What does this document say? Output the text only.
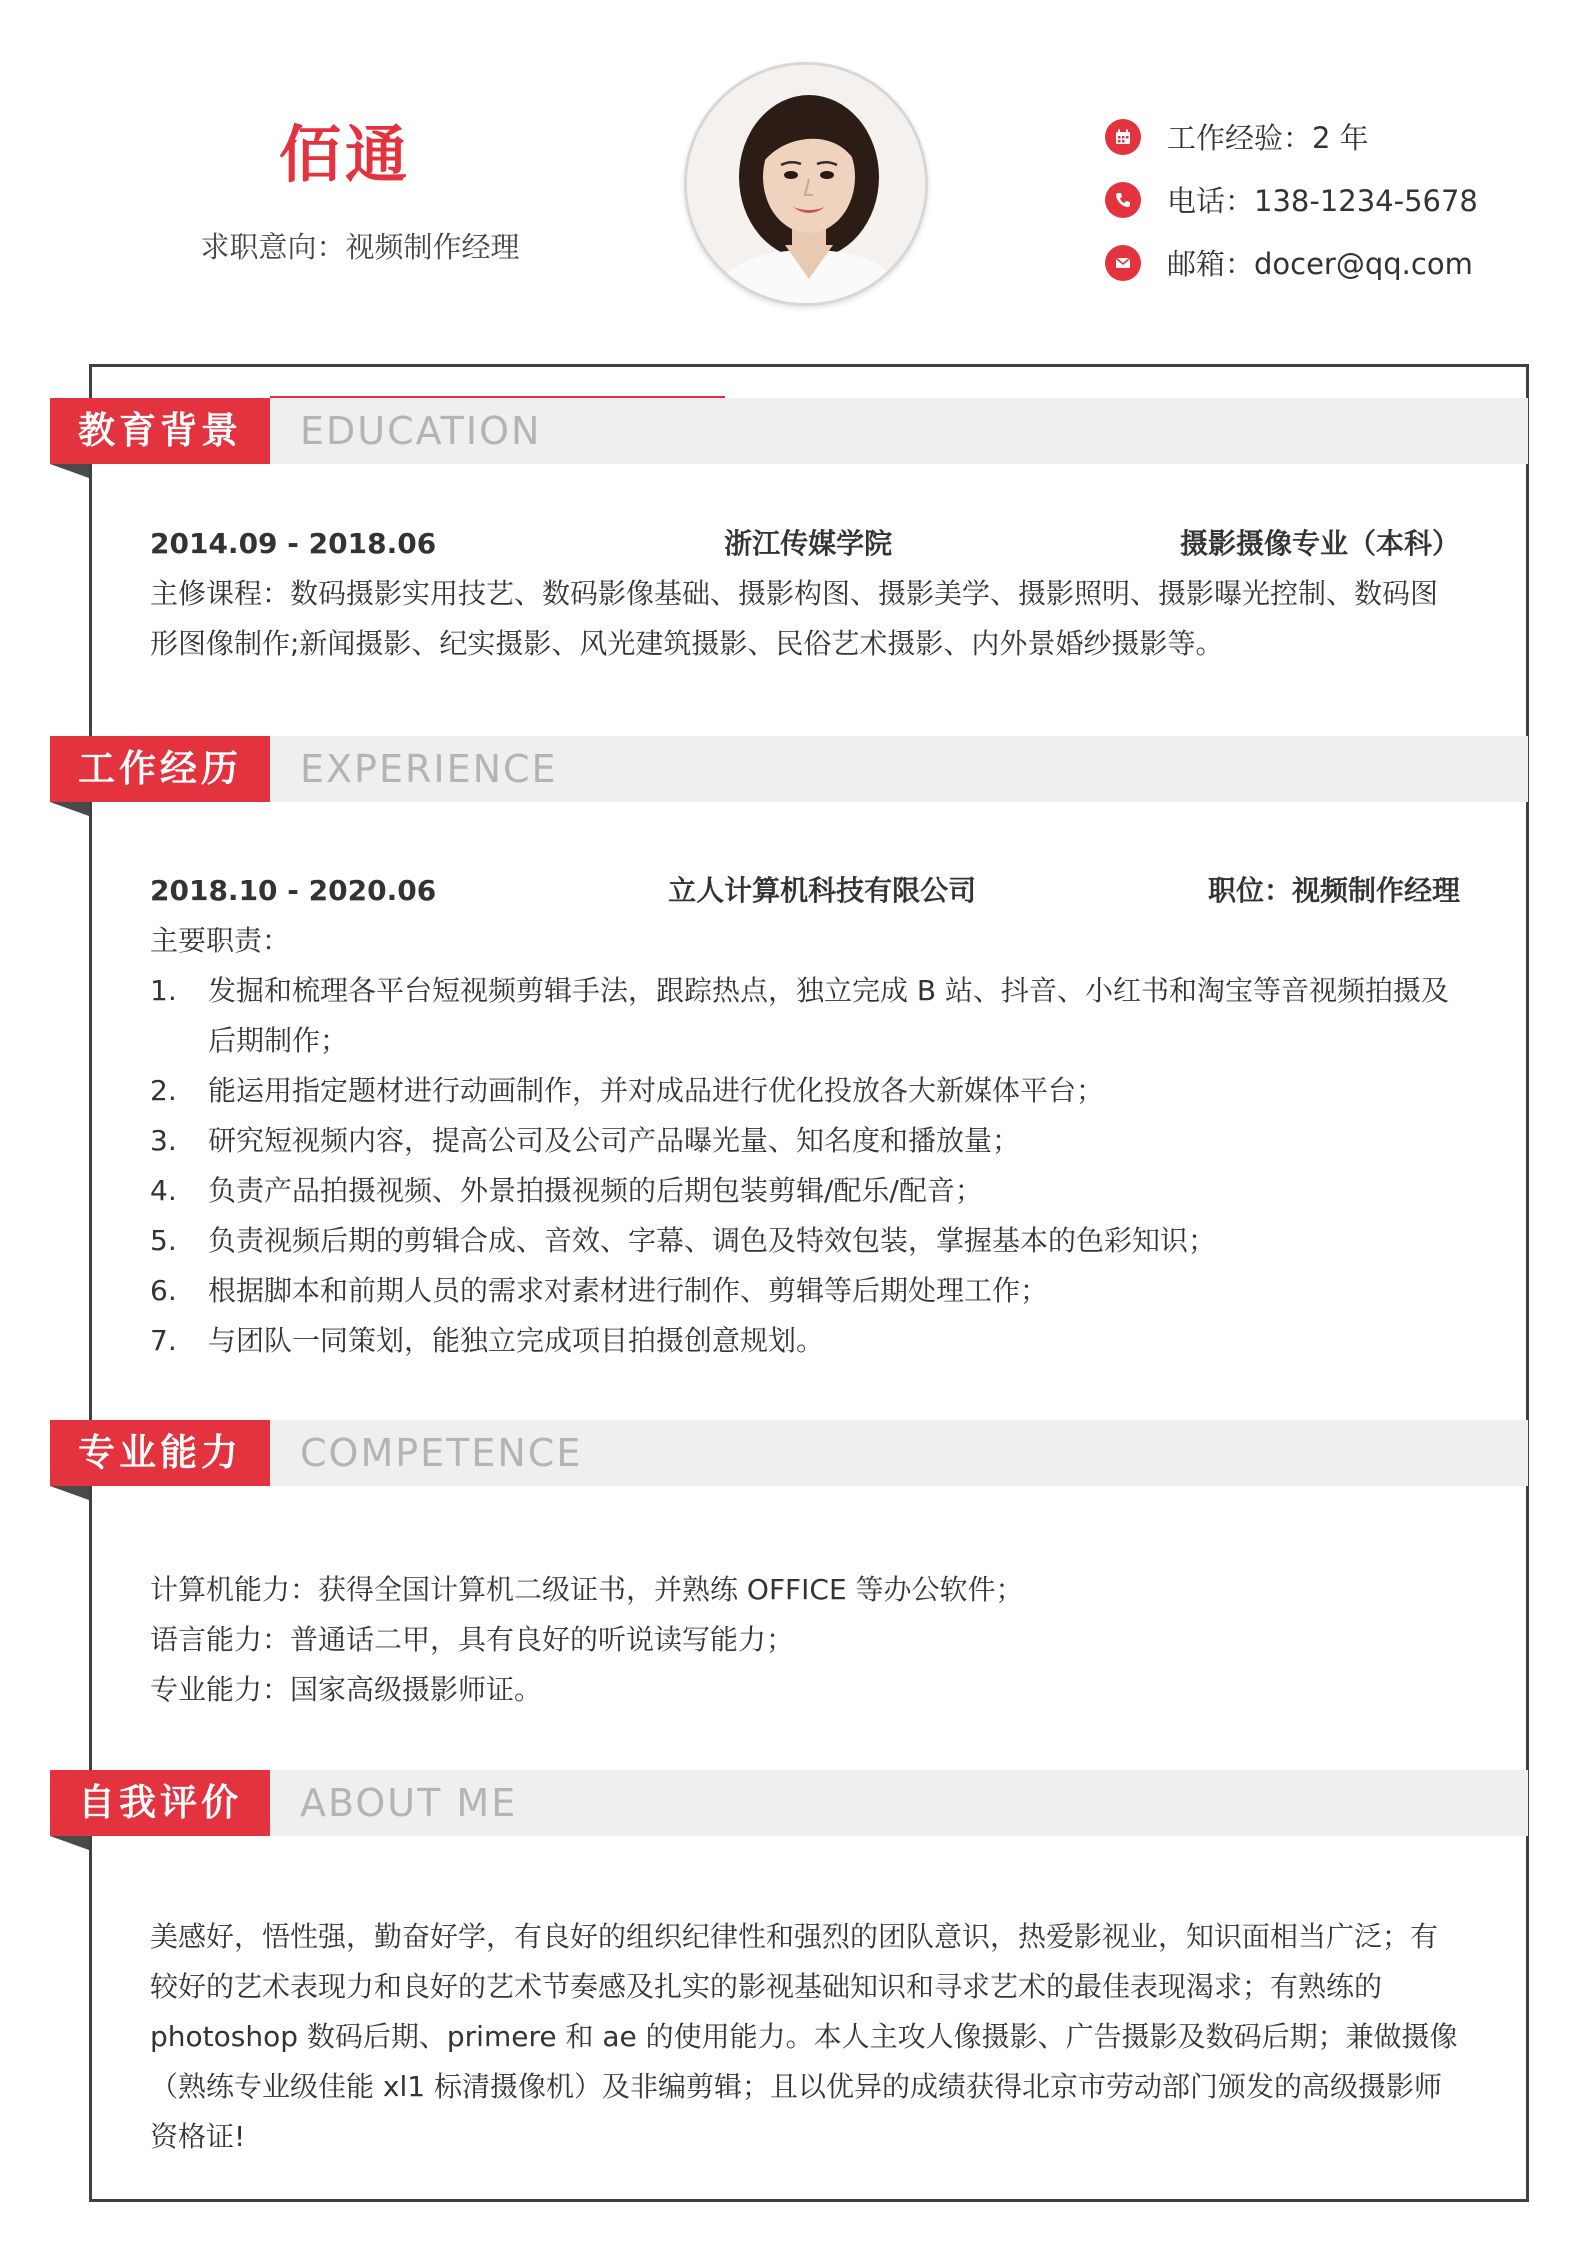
佰通
求职意向：视频制作经理
工作经验：2 年
电话：138-1234-5678
邮箱：docer@qq.com
教育背景	EDUCATION
2014.09 - 2018.06	浙江传媒学院	摄影摄像专业（本科）
主修课程：数码摄影实用技艺、数码影像基础、摄影构图、摄影美学、摄影照明、摄影曝光控制、数码图形图像制作;新闻摄影、纪实摄影、风光建筑摄影、民俗艺术摄影、内外景婚纱摄影等。
工作经历	EXPERIENCE
2018.10 - 2020.06	立人计算机科技有限公司	职位：视频制作经理
主要职责：
1.	发掘和梳理各平台短视频剪辑手法，跟踪热点，独立完成 B 站、抖音、小红书和淘宝等音视频拍摄及后期制作；
2.	能运用指定题材进行动画制作，并对成品进行优化投放各大新媒体平台；
3.	研究短视频内容，提高公司及公司产品曝光量、知名度和播放量；
4.	负责产品拍摄视频、外景拍摄视频的后期包装剪辑/配乐/配音；
5.	负责视频后期的剪辑合成、音效、字幕、调色及特效包装，掌握基本的色彩知识；
6.	根据脚本和前期人员的需求对素材进行制作、剪辑等后期处理工作；
7.	与团队一同策划，能独立完成项目拍摄创意规划。
专业能力	COMPETENCE
计算机能力：获得全国计算机二级证书，并熟练 OFFICE 等办公软件；
语言能力：普通话二甲，具有良好的听说读写能力；
专业能力：国家高级摄影师证。
自我评价	ABOUT ME
美感好，悟性强，勤奋好学，有良好的组织纪律性和强烈的团队意识，热爱影视业，知识面相当广泛；有较好的艺术表现力和良好的艺术节奏感及扎实的影视基础知识和寻求艺术的最佳表现渴求；有熟练的photoshop 数码后期、primere 和 ae 的使用能力。本人主攻人像摄影、广告摄影及数码后期；兼做摄像（熟练专业级佳能 xl1 标清摄像机）及非编剪辑；且以优异的成绩获得北京市劳动部门颁发的高级摄影师资格证!
